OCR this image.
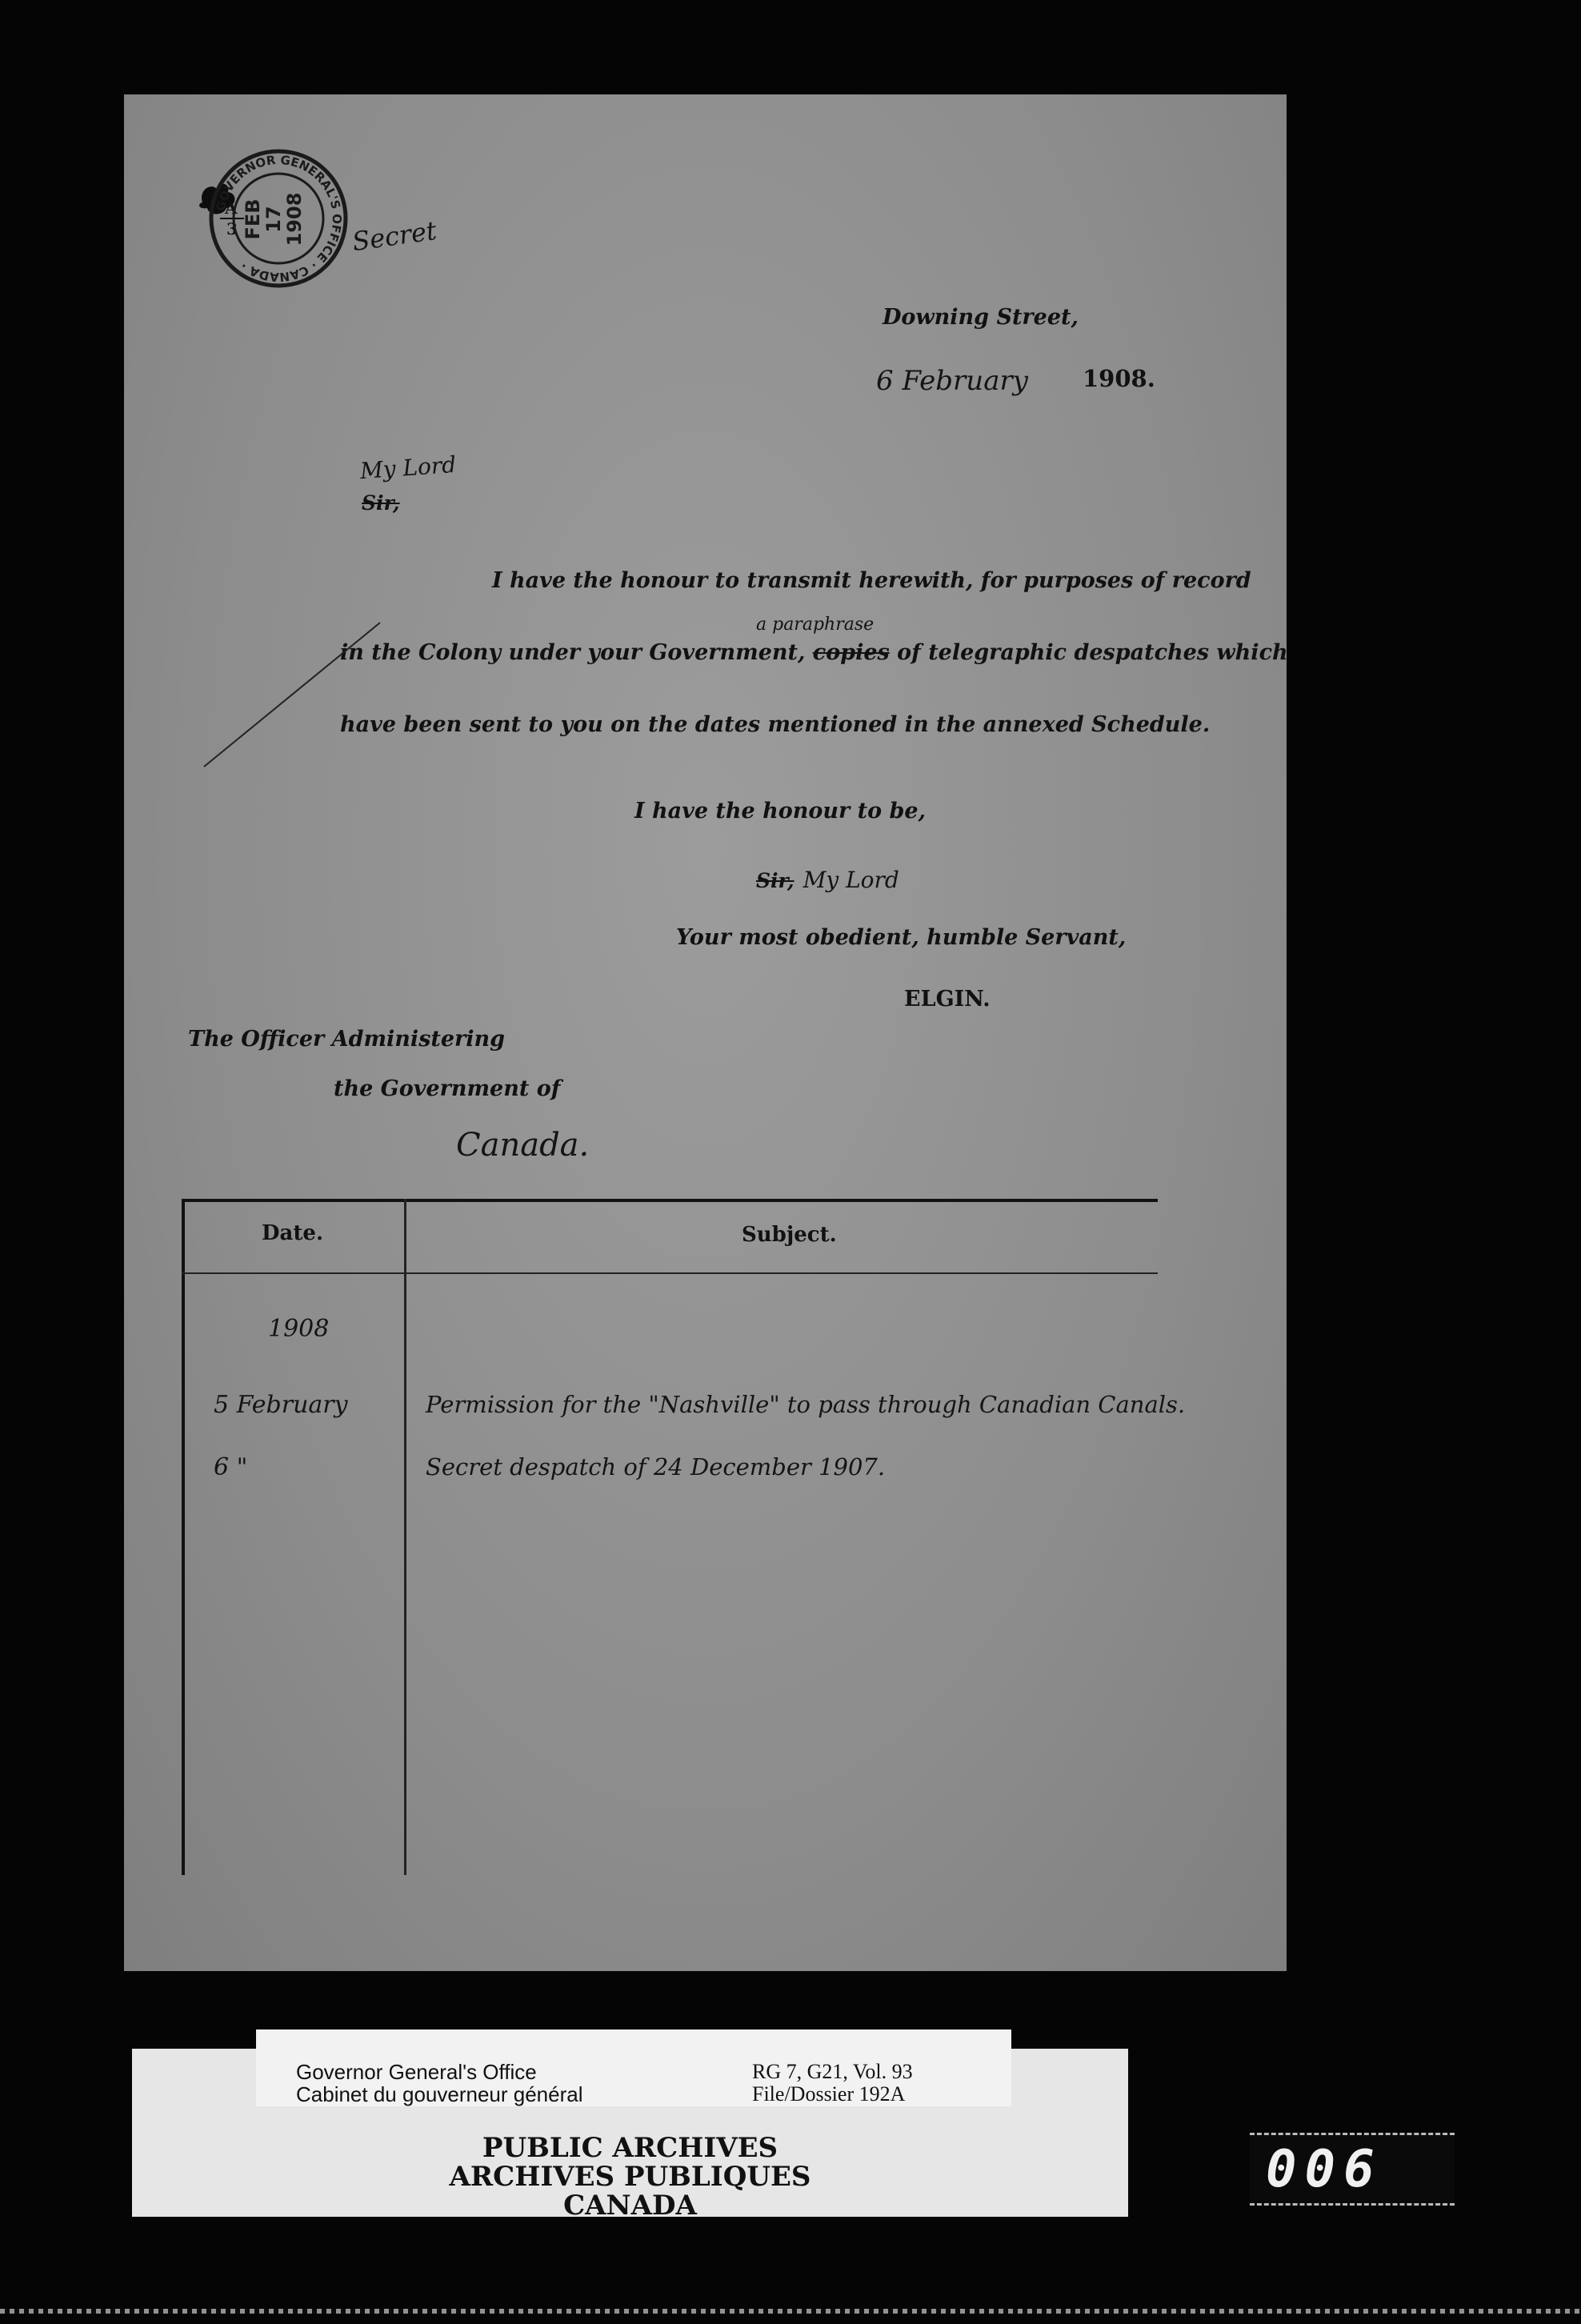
A
3
GOVERNOR GENERAL'S OFFICE · CANADA ·
FEB
17
1908 Secret
Downing Street,
6 February 1908.
My Lord
Sir,
I have the honour to transmit herewith, for purposes of record
a paraphrase
in the Colony under your Government, copies of telegraphic despatches which
have been sent to you on the dates mentioned in the annexed Schedule.
I have the honour to be,
Sir, My Lord
Your most obedient, humble Servant,
ELGIN.
The Officer Administering
the Government of
Canada.
Date.	Subject.
1908
5 February	Permission for the "Nashville" to pass through Canadian Canals.
6 "	Secret despatch of 24 December 1907.
PUBLIC ARCHIVES
ARCHIVES PUBLIQUES
CANADA
Governor General's Office
Cabinet du gouverneur général
RG 7, G21, Vol. 93
File/Dossier 192A
006
